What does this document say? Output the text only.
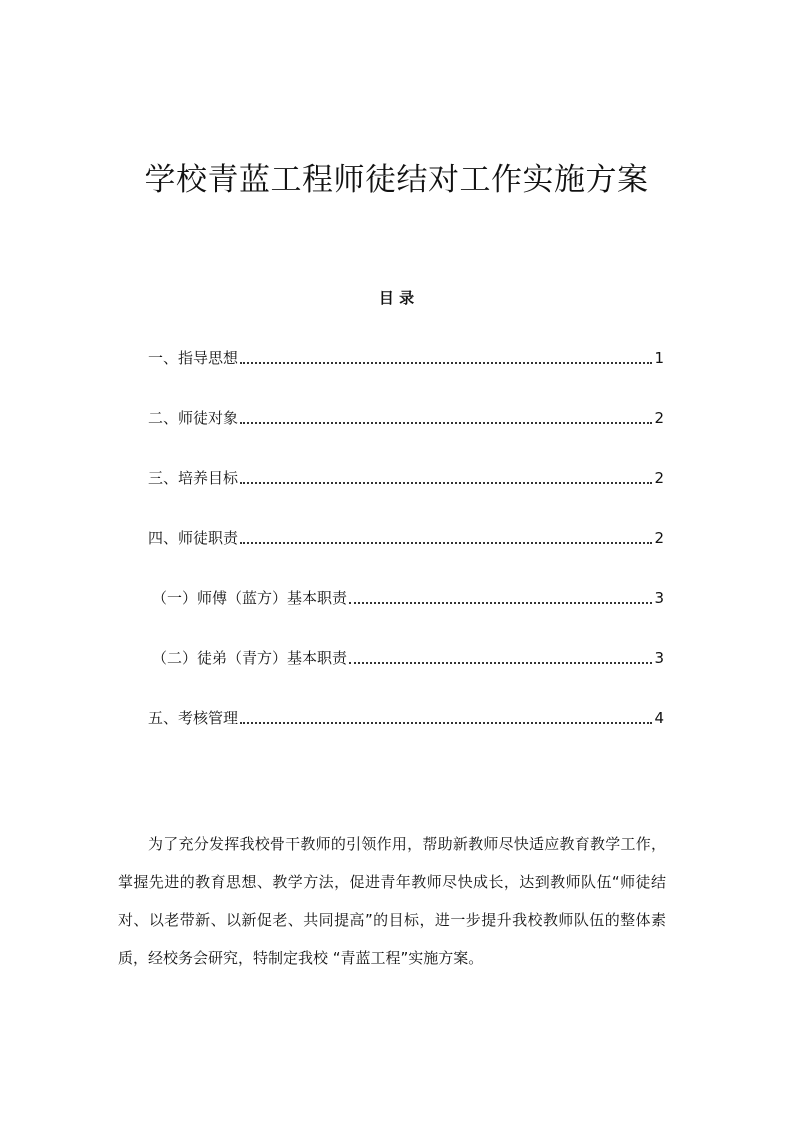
学校青蓝工程师徒结对工作实施方案
目 录
一、指导思想	1
二、师徒对象	2
三、培养目标	2
四、师徒职责	2
（一）师傅（蓝方）基本职责	3
（二）徒弟（青方）基本职责	3
五、考核管理	4

为了充分发挥我校骨干教师的引领作用，帮助新教师尽快适应教育教学工作，掌握先进的教育思想、教学方法，促进青年教师尽快成长，达到教师队伍“师徒结对、以老带新、以新促老、共同提高”的目标，进一步提升我校教师队伍的整体素质，经校务会研究，特制定我校 “青蓝工程”实施方案。
